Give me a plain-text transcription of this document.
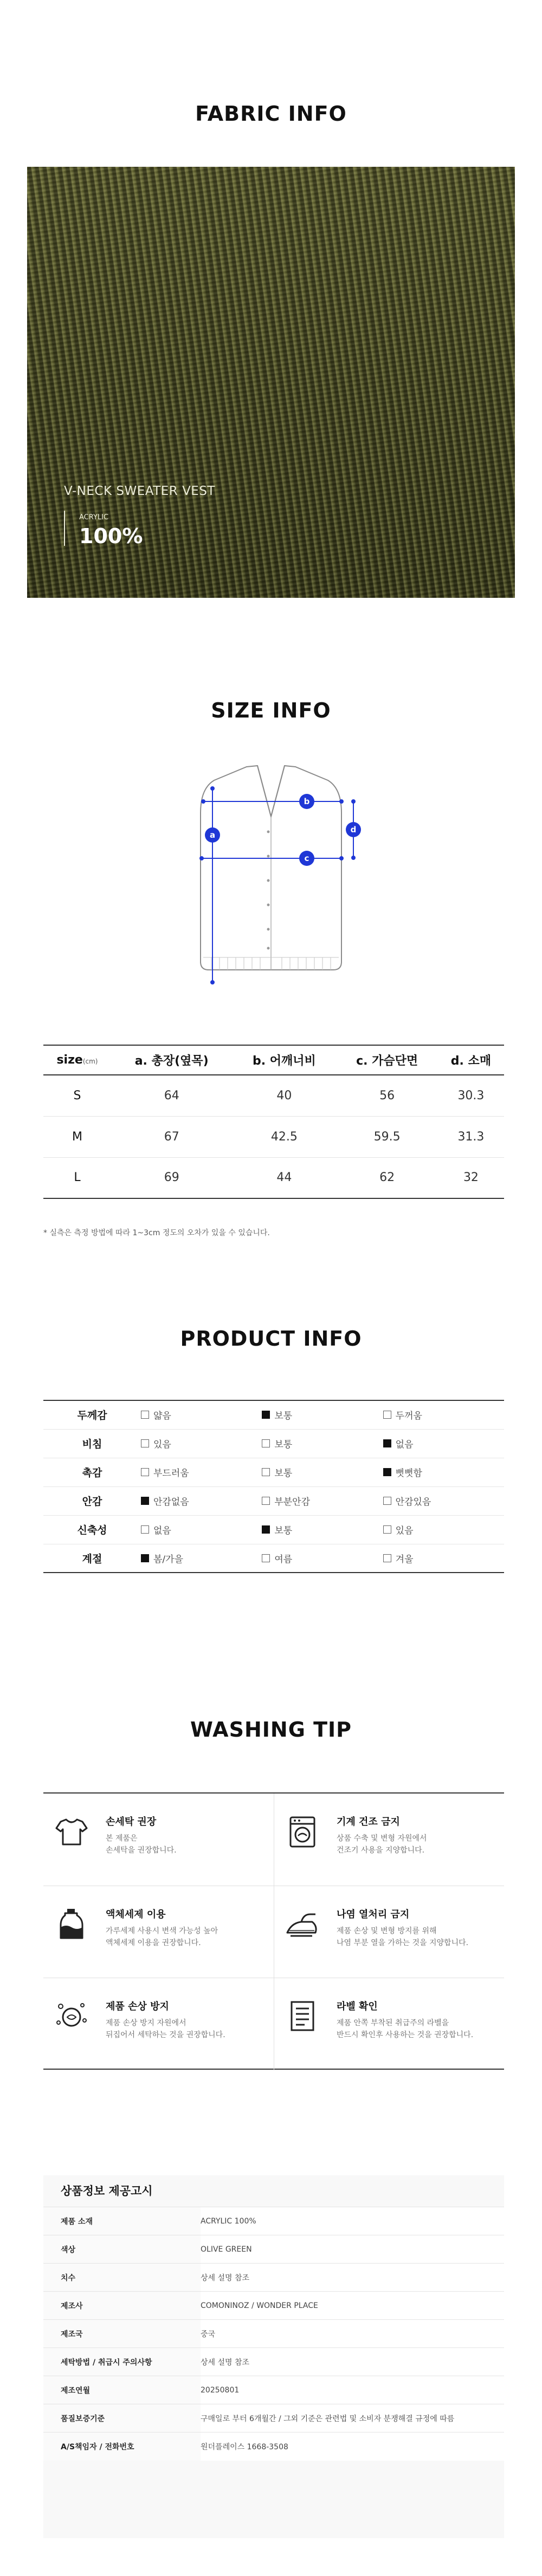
FABRIC INFO
V-NECK SWEATER VEST
ACRYLIC
100%
SIZE INFO
a
b
c
d
size(cm)	a. 총장(옆목)	b. 어깨너비	c. 가슴단면	d. 소매
S	64	40	56	30.3
M	67	42.5	59.5	31.3
L	69	44	62	32
* 실측은 측정 방법에 따라 1~3cm 정도의 오차가 있을 수 있습니다.
PRODUCT INFO
두께감	얇음	보통	두꺼움

비침	있음	보통	없음

촉감	부드러움	보통	뻣뻣함

안감	안감없음	부분안감	안감있음

신축성	없음	보통	있음

계절	봄/가을	여름	겨울
WASHING TIP
손세탁 권장
본 제품은
손세탁을 권장합니다.
기계 건조 금지
상품 수축 및 변형 자원에서
건조기 사용을 지양합니다.
액체세제 이용
가루세제 사용시 변색 가능성 높아
액체세제 이용을 권장합니다.
나염 열처리 금지
제품 손상 및 변형 방지를 위해
나염 부분 열을 가하는 것을 지양합니다.
제품 손상 방지
제품 손상 방지 자원에서
뒤집어서 세탁하는 것을 권장합니다.
라벨 확인
제품 안쪽 부착된 취급주의 라벨을
반드시 확인후 사용하는 것을 권장합니다.
상품정보 제공고시
제품 소재	ACRYLIC 100%
색상	OLIVE GREEN
치수	상세 설명 참조
제조사	COMONINOZ / WONDER PLACE
제조국	중국
세탁방법 / 취급시 주의사항	상세 설명 참조
제조연월	20250801
품질보증기준	구매일로 부터 6개월간 / 그외 기준은 관련법 및 소비자 분쟁해결 규정에 따름
A/S책임자 / 전화번호	원더플레이스 1668-3508
